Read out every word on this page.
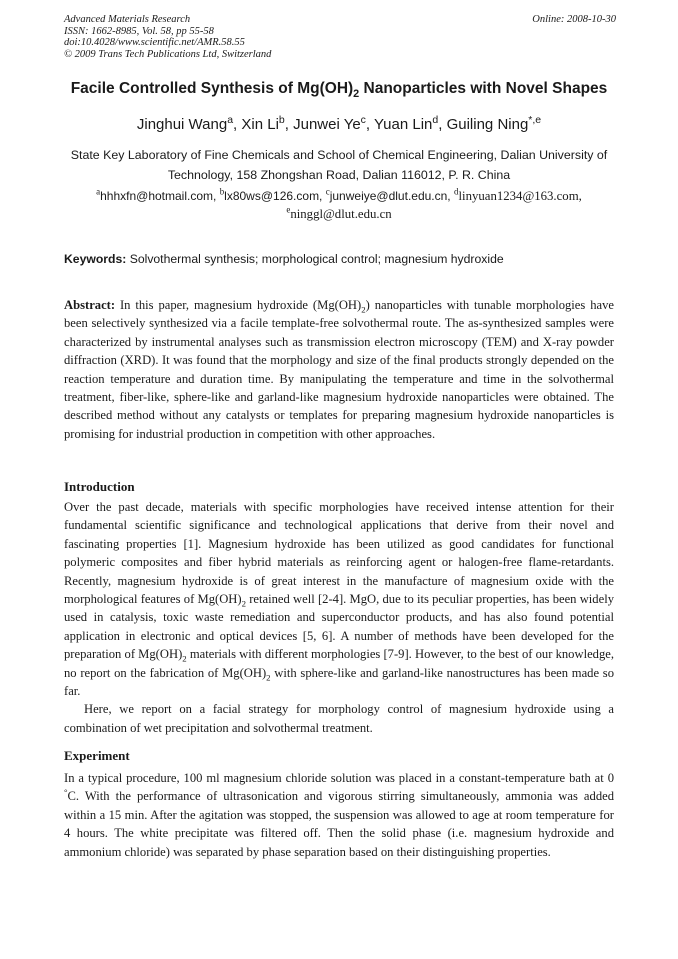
Advanced Materials Research
ISSN: 1662-8985, Vol. 58, pp 55-58
doi:10.4028/www.scientific.net/AMR.58.55
© 2009 Trans Tech Publications Ltd, Switzerland
Online: 2008-10-30
Facile Controlled Synthesis of $Mg(OH)_2$ Nanoparticles with Novel Shapes
Jinghui Wang$^a$, Xin Li$^b$, Junwei Ye$^c$, Yuan Lin$^d$, Guiling Ning$^{*,e}$
State Key Laboratory of Fine Chemicals and School of Chemical Engineering, Dalian University of
Technology, 158 Zhongshan Road, Dalian 116012, P. R. China
$^a$hhhxfn@hotmail.com, $^b$lx80ws@126.com, $^c$junweiye@dlut.edu.cn, $^d$linyuan1234@163.com,
$^e$ninggl@dlut.edu.cn
Keywords: Solvothermal synthesis; morphological control; magnesium hydroxide

Abstract: In this paper, magnesium hydroxide $(Mg(OH)_2)$ nanoparticles with tunable morphologies have been selectively synthesized via a facile template-free solvothermal route. The as-synthesized samples were characterized by instrumental analyses such as transmission electron microscopy (TEM) and X-ray powder diffraction (XRD). It was found that the morphology and size of the final products strongly depended on the reaction temperature and duration time. By manipulating the temperature and time in the solvothermal treatment, fiber-like, sphere-like and garland-like magnesium hydroxide nanoparticles were obtained. The described method without any catalysts or templates for preparing magnesium hydroxide nanoparticles is promising for industrial production in competition with other approaches.

Introduction

Over the past decade, materials with specific morphologies have received intense attention for their fundamental scientific significance and technological applications that derive from their novel and fascinating properties [1]. Magnesium hydroxide has been utilized as good candidates for functional polymeric composites and fiber hybrid materials as reinforcing agent or halogen-free flame-retardants. Recently, magnesium hydroxide is of great interest in the manufacture of magnesium oxide with the morphological features of $Mg(OH)_2$ retained well [2-4]. MgO, due to its peculiar properties, has been widely used in catalysis, toxic waste remediation and superconductor products, and has also found potential application in electronic and optical devices [5, 6]. A number of methods have been developed for the preparation of $Mg(OH)_2$ materials with different morphologies [7-9]. However, to the best of our knowledge, no report on the fabrication of $Mg(OH)_2$ with sphere-like and garland-like nanostructures has been made so far.

Here, we report on a facial strategy for morphology control of magnesium hydroxide using a combination of wet precipitation and solvothermal treatment.

Experiment

In a typical procedure, 100 ml magnesium chloride solution was placed in a constant-temperature bath at 0 °C. With the performance of ultrasonication and vigorous stirring simultaneously, ammonia was added within a 15 min. After the agitation was stopped, the suspension was allowed to age at room temperature for 4 hours. The white precipitate was filtered off. Then the solid phase (i.e. magnesium hydroxide and ammonium chloride) was separated by phase separation based on their distinguishing properties.
